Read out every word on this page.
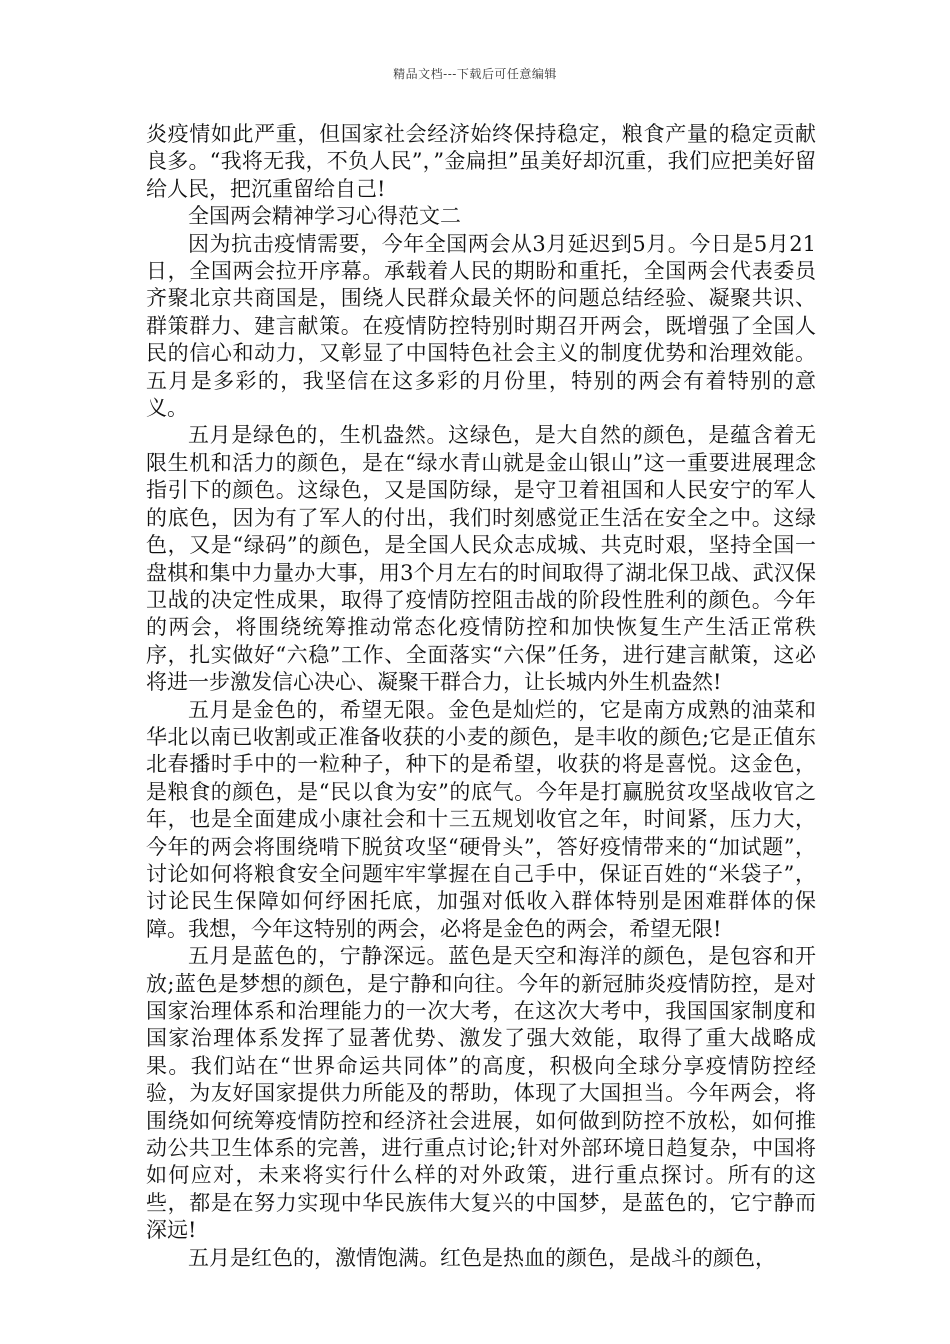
精品文档---下载后可任意编辑

炎疫情如此严重，但国家社会经济始终保持稳定，粮食产量的稳定贡献良多。“我将无我，不负人民”，”金扁担”虽美好却沉重，我们应把美好留给人民，把沉重留给自己!

全国两会精神学习心得范文二

因为抗击疫情需要，今年全国两会从3月延迟到5月。今日是5月21日，全国两会拉开序幕。承载着人民的期盼和重托，全国两会代表委员齐聚北京共商国是，围绕人民群众最关怀的问题总结经验、凝聚共识、群策群力、建言献策。在疫情防控特别时期召开两会，既增强了全国人民的信心和动力，又彰显了中国特色社会主义的制度优势和治理效能。五月是多彩的，我坚信在这多彩的月份里，特别的两会有着特别的意义。

五月是绿色的，生机盎然。这绿色，是大自然的颜色，是蕴含着无限生机和活力的颜色，是在“绿水青山就是金山银山”这一重要进展理念指引下的颜色。这绿色，又是国防绿，是守卫着祖国和人民安宁的军人的底色，因为有了军人的付出，我们时刻感觉正生活在安全之中。这绿色，又是“绿码”的颜色，是全国人民众志成城、共克时艰，坚持全国一盘棋和集中力量办大事，用3个月左右的时间取得了湖北保卫战、武汉保卫战的决定性成果，取得了疫情防控阻击战的阶段性胜利的颜色。今年的两会，将围绕统筹推动常态化疫情防控和加快恢复生产生活正常秩序，扎实做好“六稳”工作、全面落实“六保”任务，进行建言献策，这必将进一步激发信心决心、凝聚干群合力，让长城内外生机盎然!

五月是金色的，希望无限。金色是灿烂的，它是南方成熟的油菜和华北以南已收割或正准备收获的小麦的颜色，是丰收的颜色;它是正值东北春播时手中的一粒种子，种下的是希望，收获的将是喜悦。这金色，是粮食的颜色，是“民以食为安”的底气。今年是打赢脱贫攻坚战收官之年，也是全面建成小康社会和十三五规划收官之年，时间紧，压力大，今年的两会将围绕啃下脱贫攻坚“硬骨头”，答好疫情带来的“加试题”，讨论如何将粮食安全问题牢牢掌握在自己手中，保证百姓的“米袋子”，讨论民生保障如何纾困托底，加强对低收入群体特别是困难群体的保障。我想，今年这特别的两会，必将是金色的两会，希望无限!

五月是蓝色的，宁静深远。蓝色是天空和海洋的颜色，是包容和开放;蓝色是梦想的颜色，是宁静和向往。今年的新冠肺炎疫情防控，是对国家治理体系和治理能力的一次大考，在这次大考中，我国国家制度和国家治理体系发挥了显著优势、激发了强大效能，取得了重大战略成果。我们站在“世界命运共同体”的高度，积极向全球分享疫情防控经验，为友好国家提供力所能及的帮助，体现了大国担当。今年两会，将围绕如何统筹疫情防控和经济社会进展，如何做到防控不放松，如何推动公共卫生体系的完善，进行重点讨论;针对外部环境日趋复杂，中国将如何应对，未来将实行什么样的对外政策，进行重点探讨。所有的这些，都是在努力实现中华民族伟大复兴的中国梦，是蓝色的，它宁静而深远!

五月是红色的，激情饱满。红色是热血的颜色，是战斗的颜色，
